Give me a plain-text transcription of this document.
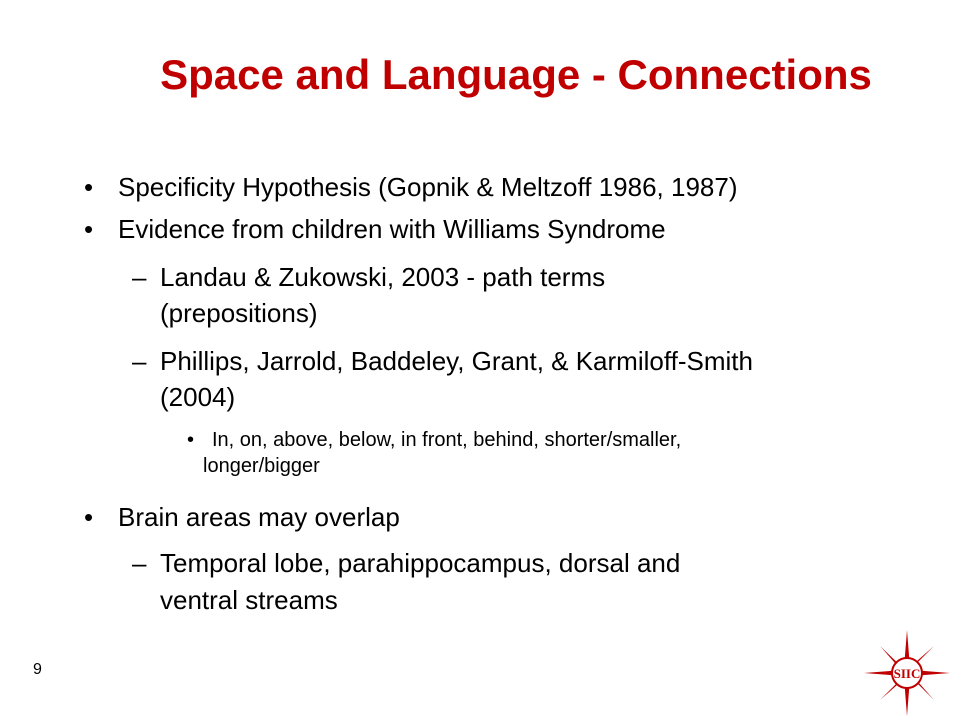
Space and Language - Connections
• Specificity Hypothesis (Gopnik & Meltzoff 1986, 1987)
• Evidence from children with Williams Syndrome
– Landau & Zukowski, 2003 - path terms
(prepositions)
– Phillips, Jarrold, Baddeley, Grant, & Karmiloff-Smith
(2004)
• In, on, above, below, in front, behind, shorter/smaller,
longer/bigger
• Brain areas may overlap
– Temporal lobe, parahippocampus, dorsal and
ventral streams
9	SIIC
